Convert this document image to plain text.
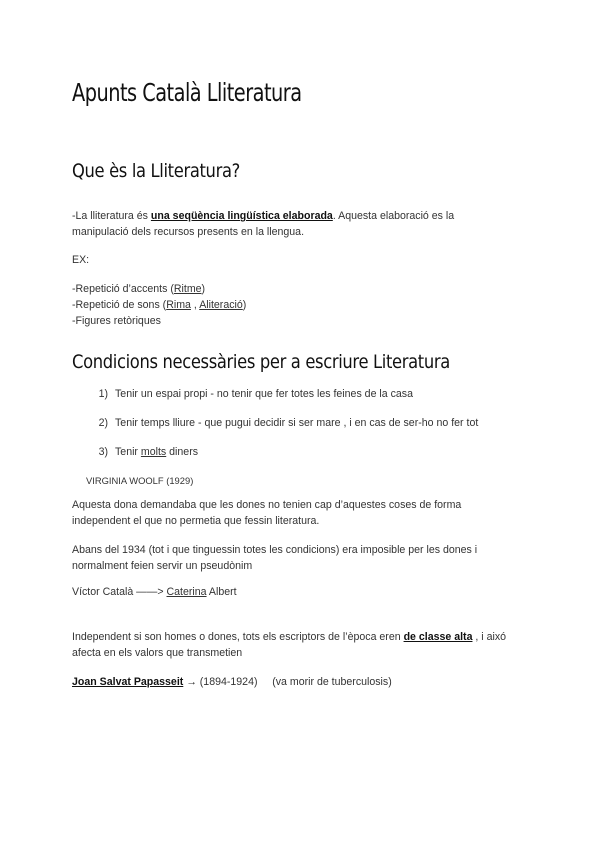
Apunts Català Lliteratura
Que ès la Lliteratura?
-La lliteratura és una seqüència lingüística elaborada. Aquesta elaboració es la
manipulació dels recursos presents en la llengua.
EX:
-Repetició d’accents (Ritme)
-Repetició de sons (Rima , Aliteració)
-Figures retòriques
Condicions necessàries per a escriure Literatura
1) Tenir un espai propi - no tenir que fer totes les feines de la casa
2) Tenir temps lliure - que pugui decidir si ser mare , i en cas de ser-ho no fer tot
3) Tenir molts diners
VIRGINIA WOOLF (1929)
Aquesta dona demandaba que les dones no tenien cap d’aquestes coses de forma
independent el que no permetia que fessin literatura.
Abans del 1934 (tot i que tinguessin totes les condicions) era imposible per les dones i
normalment feien servir un pseudònim
Víctor Català ——> Caterina Albert
Independent si son homes o dones, tots els escriptors de l’època eren de classe alta , i aixó
afecta en els valors que transmetien
Joan Salvat Papasseit → (1894-1924)     (va morir de tuberculosis)
